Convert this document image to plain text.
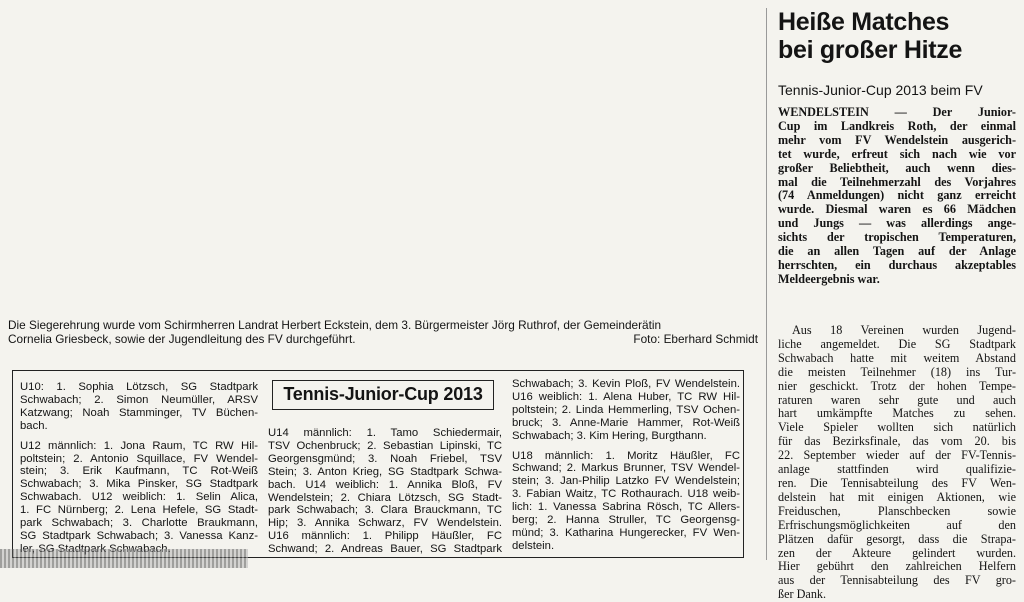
Heiße Matches
bei großer Hitze
Tennis-Junior-Cup 2013 beim FV
WENDELSTEIN — Der Junior-
Cup im Landkreis Roth, der einmal
mehr vom FV Wendelstein ausgerich-
tet wurde, erfreut sich nach wie vor
großer Beliebtheit, auch wenn dies-
mal die Teilnehmerzahl des Vorjahres
(74 Anmeldungen) nicht ganz erreicht
wurde. Diesmal waren es 66 Mädchen
und Jungs — was allerdings ange-
sichts der tropischen Temperaturen,
die an allen Tagen auf der Anlage
herrschten, ein durchaus akzeptables
Meldeergebnis war.
Aus 18 Vereinen wurden Jugend-
liche angemeldet. Die SG Stadtpark
Schwabach hatte mit weitem Abstand
die meisten Teilnehmer (18) ins Tur-
nier geschickt. Trotz der hohen Tempe-
raturen waren sehr gute und auch
hart umkämpfte Matches zu sehen.
Viele Spieler wollten sich natürlich
für das Bezirksfinale, das vom 20. bis
22. September wieder auf der FV-Tennis-
anlage stattfinden wird qualifizie-
ren. Die Tennisabteilung des FV Wen-
delstein hat mit einigen Aktionen, wie
Freiduschen, Planschbecken sowie
Erfrischungsmöglichkeiten auf den
Plätzen dafür gesorgt, dass die Strapa-
zen der Akteure gelindert wurden.
Hier gebührt den zahlreichen Helfern
aus der Tennisabteilung des FV gro-
ßer Dank.
Die Siegerehrung wurde vom Schirmherren Landrat Herbert Eckstein, dem 3. Bürgermeister Jörg Ruthrof, der Gemeinderätin
Cornelia Griesbeck, sowie der Jugendleitung des FV durchgeführt.	Foto: Eberhard Schmidt
Tennis-Junior-Cup 2013
U10: 1. Sophia Lötzsch, SG Stadtpark
Schwabach; 2. Simon Neumüller, ARSV
Katzwang; Noah Stamminger, TV Büchen-
bach.
U12 männlich: 1. Jona Raum, TC RW Hil-
poltstein; 2. Antonio Squillace, FV Wendel-
stein; 3. Erik Kaufmann, TC Rot-Weiß
Schwabach; 3. Mika Pinsker, SG Stadtpark
Schwabach. U12 weiblich: 1. Selin Alica,
1. FC Nürnberg; 2. Lena Hefele, SG Stadt-
park Schwabach; 3. Charlotte Braukmann,
SG Stadtpark Schwabach; 3. Vanessa Kanz-
U14 männlich: 1. Tamo Schiedermair,
TSV Ochenbruck; 2. Sebastian Lipinski, TC
Georgensgmünd; 3. Noah Friebel, TSV
Stein; 3. Anton Krieg, SG Stadtpark Schwa-
bach. U14 weiblich: 1. Annika Bloß, FV
Wendelstein; 2. Chiara Lötzsch, SG Stadt-
park Schwabach; 3. Clara Brauckmann, TC
Hip; 3. Annika Schwarz, FV Wendelstein.
U16 männlich: 1. Philipp Häußler, FC
Schwand; 2. Andreas Bauer, SG Stadtpark
Schwabach; 3. Kevin Ploß, FV Wendelstein.
U16 weiblich: 1. Alena Huber, TC RW Hil-
poltstein; 2. Linda Hemmerling, TSV Ochen-
bruck; 3. Anne-Marie Hammer, Rot-Weiß
Schwabach; 3. Kim Hering, Burgthann.
U18 männlich: 1. Moritz Häußler, FC
Schwand; 2. Markus Brunner, TSV Wendel-
stein; 3. Jan-Philip Latzko FV Wendelstein;
3. Fabian Waitz, TC Rothaurach. U18 weib-
lich: 1. Vanessa Sabrina Rösch, TC Allers-
berg; 2. Hanna Struller, TC Georgensg-
münd; 3. Katharina Hungerecker, FV Wen-
delstein.
